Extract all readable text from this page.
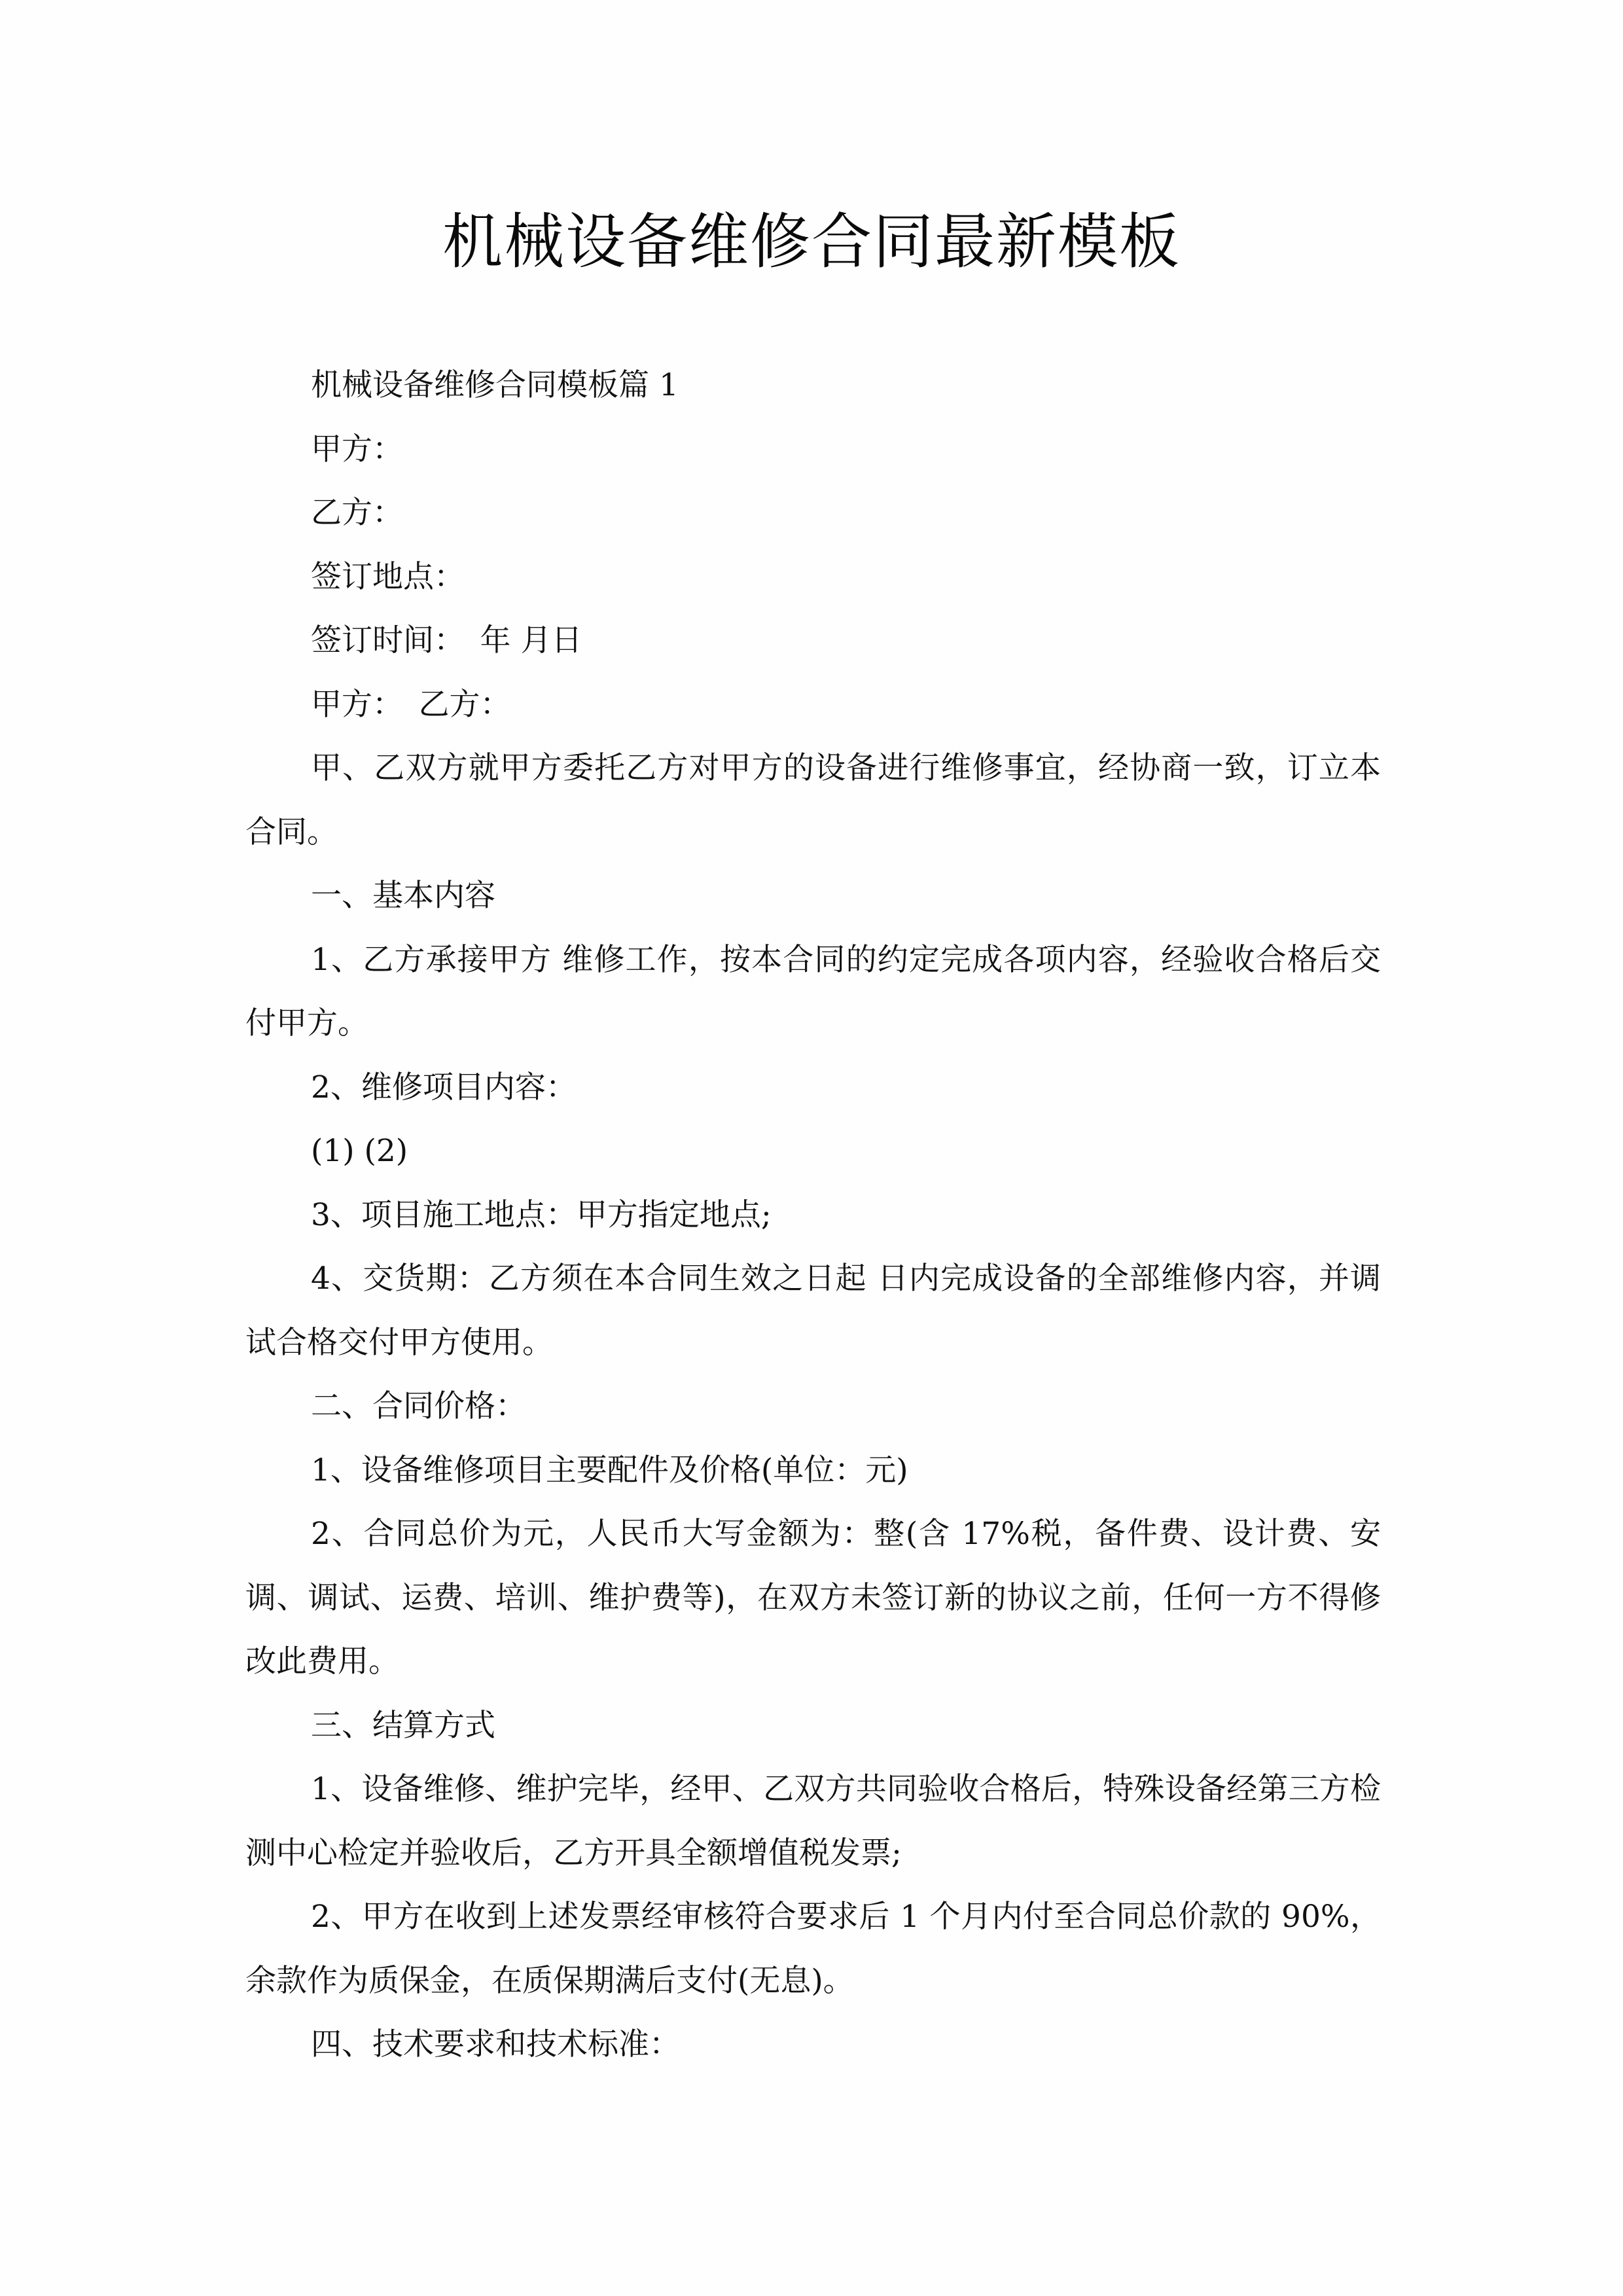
机械设备维修合同最新模板

机械设备维修合同模板篇 1

甲方：

乙方：

签订地点：

签订时间：　年 月日

甲方：　乙方：

甲、乙双方就甲方委托乙方对甲方的设备进行维修事宜，经协商一致，订立本合同。

一、基本内容

1、乙方承接甲方 维修工作，按本合同的约定完成各项内容，经验收合格后交付甲方。

2、维修项目内容：

(1) (2)

3、项目施工地点：甲方指定地点;

4、交货期：乙方须在本合同生效之日起 日内完成设备的全部维修内容，并调试合格交付甲方使用。

二、合同价格：

1、设备维修项目主要配件及价格(单位：元)

2、合同总价为元，人民币大写金额为：整(含 17%税，备件费、设计费、安调、调试、运费、培训、维护费等)，在双方未签订新的协议之前，任何一方不得修改此费用。

三、结算方式

1、设备维修、维护完毕，经甲、乙双方共同验收合格后，特殊设备经第三方检测中心检定并验收后，乙方开具全额增值税发票;

2、甲方在收到上述发票经审核符合要求后 1 个月内付至合同总价款的 90%，余款作为质保金，在质保期满后支付(无息)。

四、技术要求和技术标准：
